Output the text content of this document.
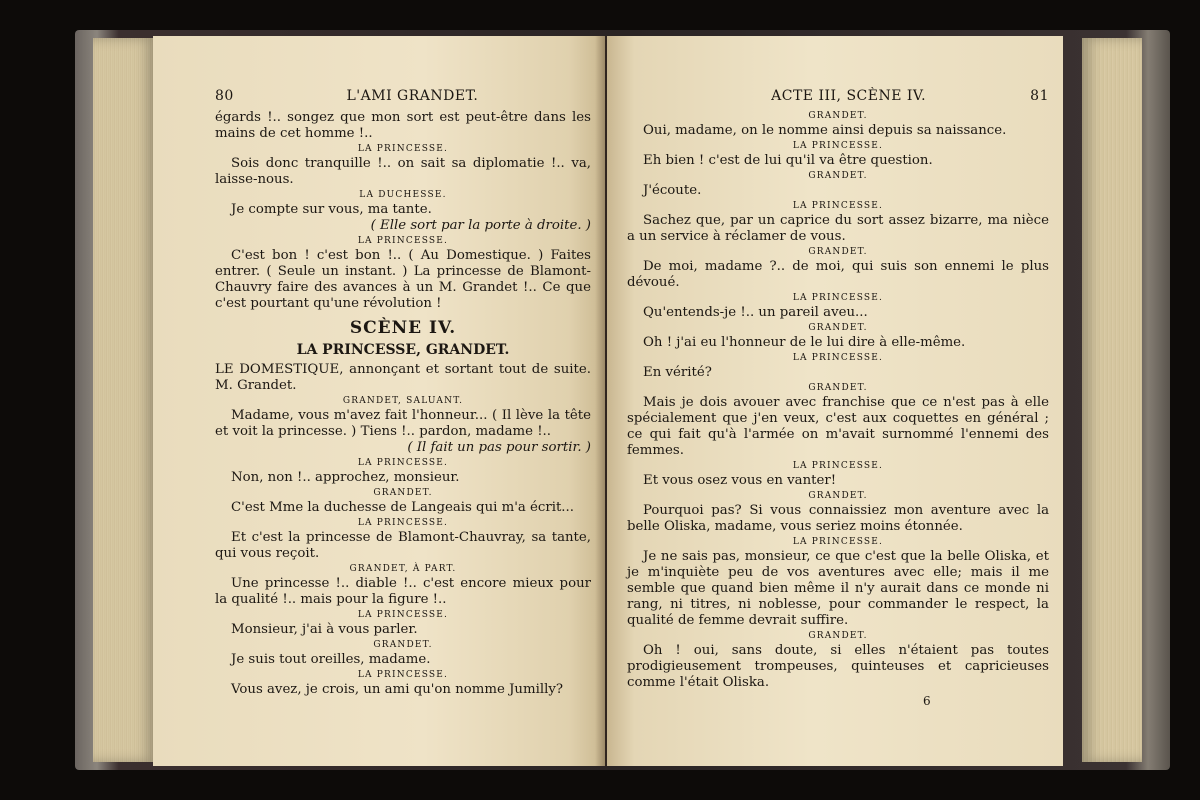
80	L'AMI GRANDET.

égards !.. songez que mon sort est peut-être dans les mains de cet homme !..

LA PRINCESSE.

Sois donc tranquille !.. on sait sa diplomatie !.. va, laisse-nous.

LA DUCHESSE.

Je compte sur vous, ma tante.

( Elle sort par la porte à droite. )
LA PRINCESSE.

C'est bon ! c'est bon !.. ( Au Domestique. ) Faites entrer. ( Seule un instant. ) La princesse de Blamont-Chauvry faire des avances à un M. Grandet !.. Ce que c'est pourtant qu'une révolution !

SCÈNE IV.
LA PRINCESSE, GRANDET.

LE DOMESTIQUE, annonçant et sortant tout de suite. M. Grandet.

GRANDET, SALUANT.

Madame, vous m'avez fait l'honneur... ( Il lève la tête et voit la princesse. ) Tiens !.. pardon, madame !..

( Il fait un pas pour sortir. )
LA PRINCESSE.

Non, non !.. approchez, monsieur.

GRANDET.

C'est Mme la duchesse de Langeais qui m'a écrit...

LA PRINCESSE.

Et c'est la princesse de Blamont-Chauvray, sa tante, qui vous reçoit.

GRANDET, À PART.

Une princesse !.. diable !.. c'est encore mieux pour la qualité !.. mais pour la figure !..

LA PRINCESSE.

Monsieur, j'ai à vous parler.

GRANDET.

Je suis tout oreilles, madame.

LA PRINCESSE.

Vous avez, je crois, un ami qu'on nomme Jumilly?

ACTE III, SCÈNE IV.	81
GRANDET.

Oui, madame, on le nomme ainsi depuis sa naissance.

LA PRINCESSE.

Eh bien ! c'est de lui qu'il va être question.

GRANDET.

J'écoute.

LA PRINCESSE.

Sachez que, par un caprice du sort assez bizarre, ma nièce a un service à réclamer de vous.

GRANDET.

De moi, madame ?.. de moi, qui suis son ennemi le plus dévoué.

LA PRINCESSE.

Qu'entends-je !.. un pareil aveu...

GRANDET.

Oh ! j'ai eu l'honneur de le lui dire à elle-même.

LA PRINCESSE.

En vérité?

GRANDET.

Mais je dois avouer avec franchise que ce n'est pas à elle spécialement que j'en veux, c'est aux coquettes en général ; ce qui fait qu'à l'armée on m'avait surnommé l'ennemi des femmes.

LA PRINCESSE.

Et vous osez vous en vanter!

GRANDET.

Pourquoi pas? Si vous connaissiez mon aventure avec la belle Oliska, madame, vous seriez moins étonnée.

LA PRINCESSE.

Je ne sais pas, monsieur, ce que c'est que la belle Oliska, et je m'inquiète peu de vos aventures avec elle; mais il me semble que quand bien même il n'y aurait dans ce monde ni rang, ni titres, ni noblesse, pour commander le respect, la qualité de femme devrait suffire.

GRANDET.

Oh ! oui, sans doute, si elles n'étaient pas toutes prodigieusement trompeuses, quinteuses et capricieuses comme l'était Oliska.

6
